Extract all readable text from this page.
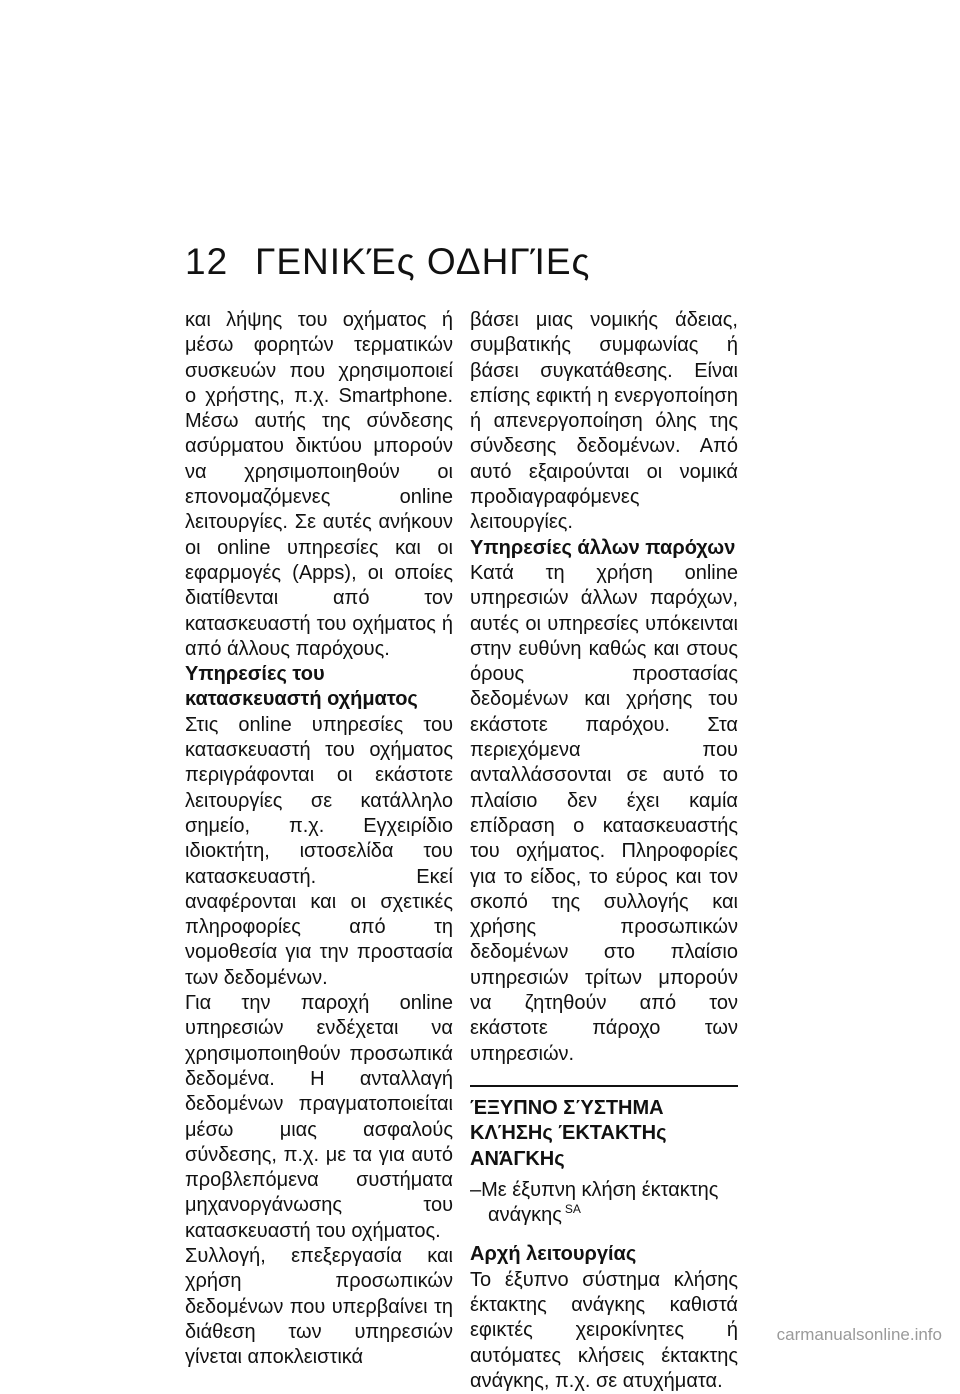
12 ΓΕΝΙΚΈς ΟΔΗΓΊΕς

και λήψης του οχήματος ή μέσω φορητών τερματικών συσκευών που χρησιμοποιεί ο χρήστης, π.χ. Smartphone. Μέσω αυτής της σύνδεσης ασύρματου δικτύου μπορούν να χρησιμοποιηθούν οι επονομαζόμενες online λειτουργίες. Σε αυτές ανήκουν οι online υπηρεσίες και οι εφαρμογές (Apps), οι οποίες διατίθενται από τον κατασκευαστή του οχήματος ή από άλλους παρόχους.

Υπηρεσίες του κατασκευαστή οχήματος

Στις online υπηρεσίες του κατασκευαστή του οχήματος περιγράφονται οι εκάστοτε λειτουργίες σε κατάλληλο σημείο, π.χ. Εγχειρίδιο ιδιοκτήτη, ιστοσελίδα του κατασκευαστή. Εκεί αναφέρονται και οι σχετικές πληροφορίες από τη νομοθεσία για την προστασία των δεδομένων.

Για την παροχή online υπηρεσιών ενδέχεται να χρησιμοποιηθούν προσωπικά δεδομένα. Η ανταλλαγή δεδομένων πραγματοποιείται μέσω μιας ασφαλούς σύνδεσης, π.χ. με τα για αυτό προβλεπόμενα συστήματα μηχανοργάνωσης του κατασκευαστή του οχήματος.

Συλλογή, επεξεργασία και χρήση προσωπικών δεδομένων που υπερβαίνει τη διάθεση των υπηρεσιών γίνεται αποκλειστικά

βάσει μιας νομικής άδειας, συμβατικής συμφωνίας ή βάσει συγκατάθεσης. Είναι επίσης εφικτή η ενεργοποίηση ή απενεργοποίηση όλης της σύνδεσης δεδομένων. Από αυτό εξαιρούνται οι νομικά προδιαγραφόμενες λειτουργίες.

Υπηρεσίες άλλων παρόχων

Κατά τη χρήση online υπηρεσιών άλλων παρόχων, αυτές οι υπηρεσίες υπόκεινται στην ευθύνη καθώς και στους όρους προστασίας δεδομένων και χρήσης του εκάστοτε παρόχου. Στα περιεχόμενα που ανταλλάσσονται σε αυτό το πλαίσιο δεν έχει καμία επίδραση ο κατασκευαστής του οχήματος. Πληροφορίες για το είδος, το εύρος και τον σκοπό της συλλογής και χρήσης προσωπικών δεδομένων στο πλαίσιο υπηρεσιών τρίτων μπορούν να ζητηθούν από τον εκάστοτε πάροχο των υπηρεσιών.

ΈΞΥΠΝΟ ΣΎΣΤΗΜΑ ΚΛΉΣΗς ΈΚΤΑΚΤΗς ΑΝΆΓΚΗς

–Με έξυπνη κλήση έκτακτης ανάγκης $^{SA}$

Αρχή λειτουργίας

Το έξυπνο σύστημα κλήσης έκτακτης ανάγκης καθιστά εφικτές χειροκίνητες ή αυτόματες κλήσεις έκτακτης ανάγκης, π.χ. σε ατυχήματα.

carmanualsonline.info
